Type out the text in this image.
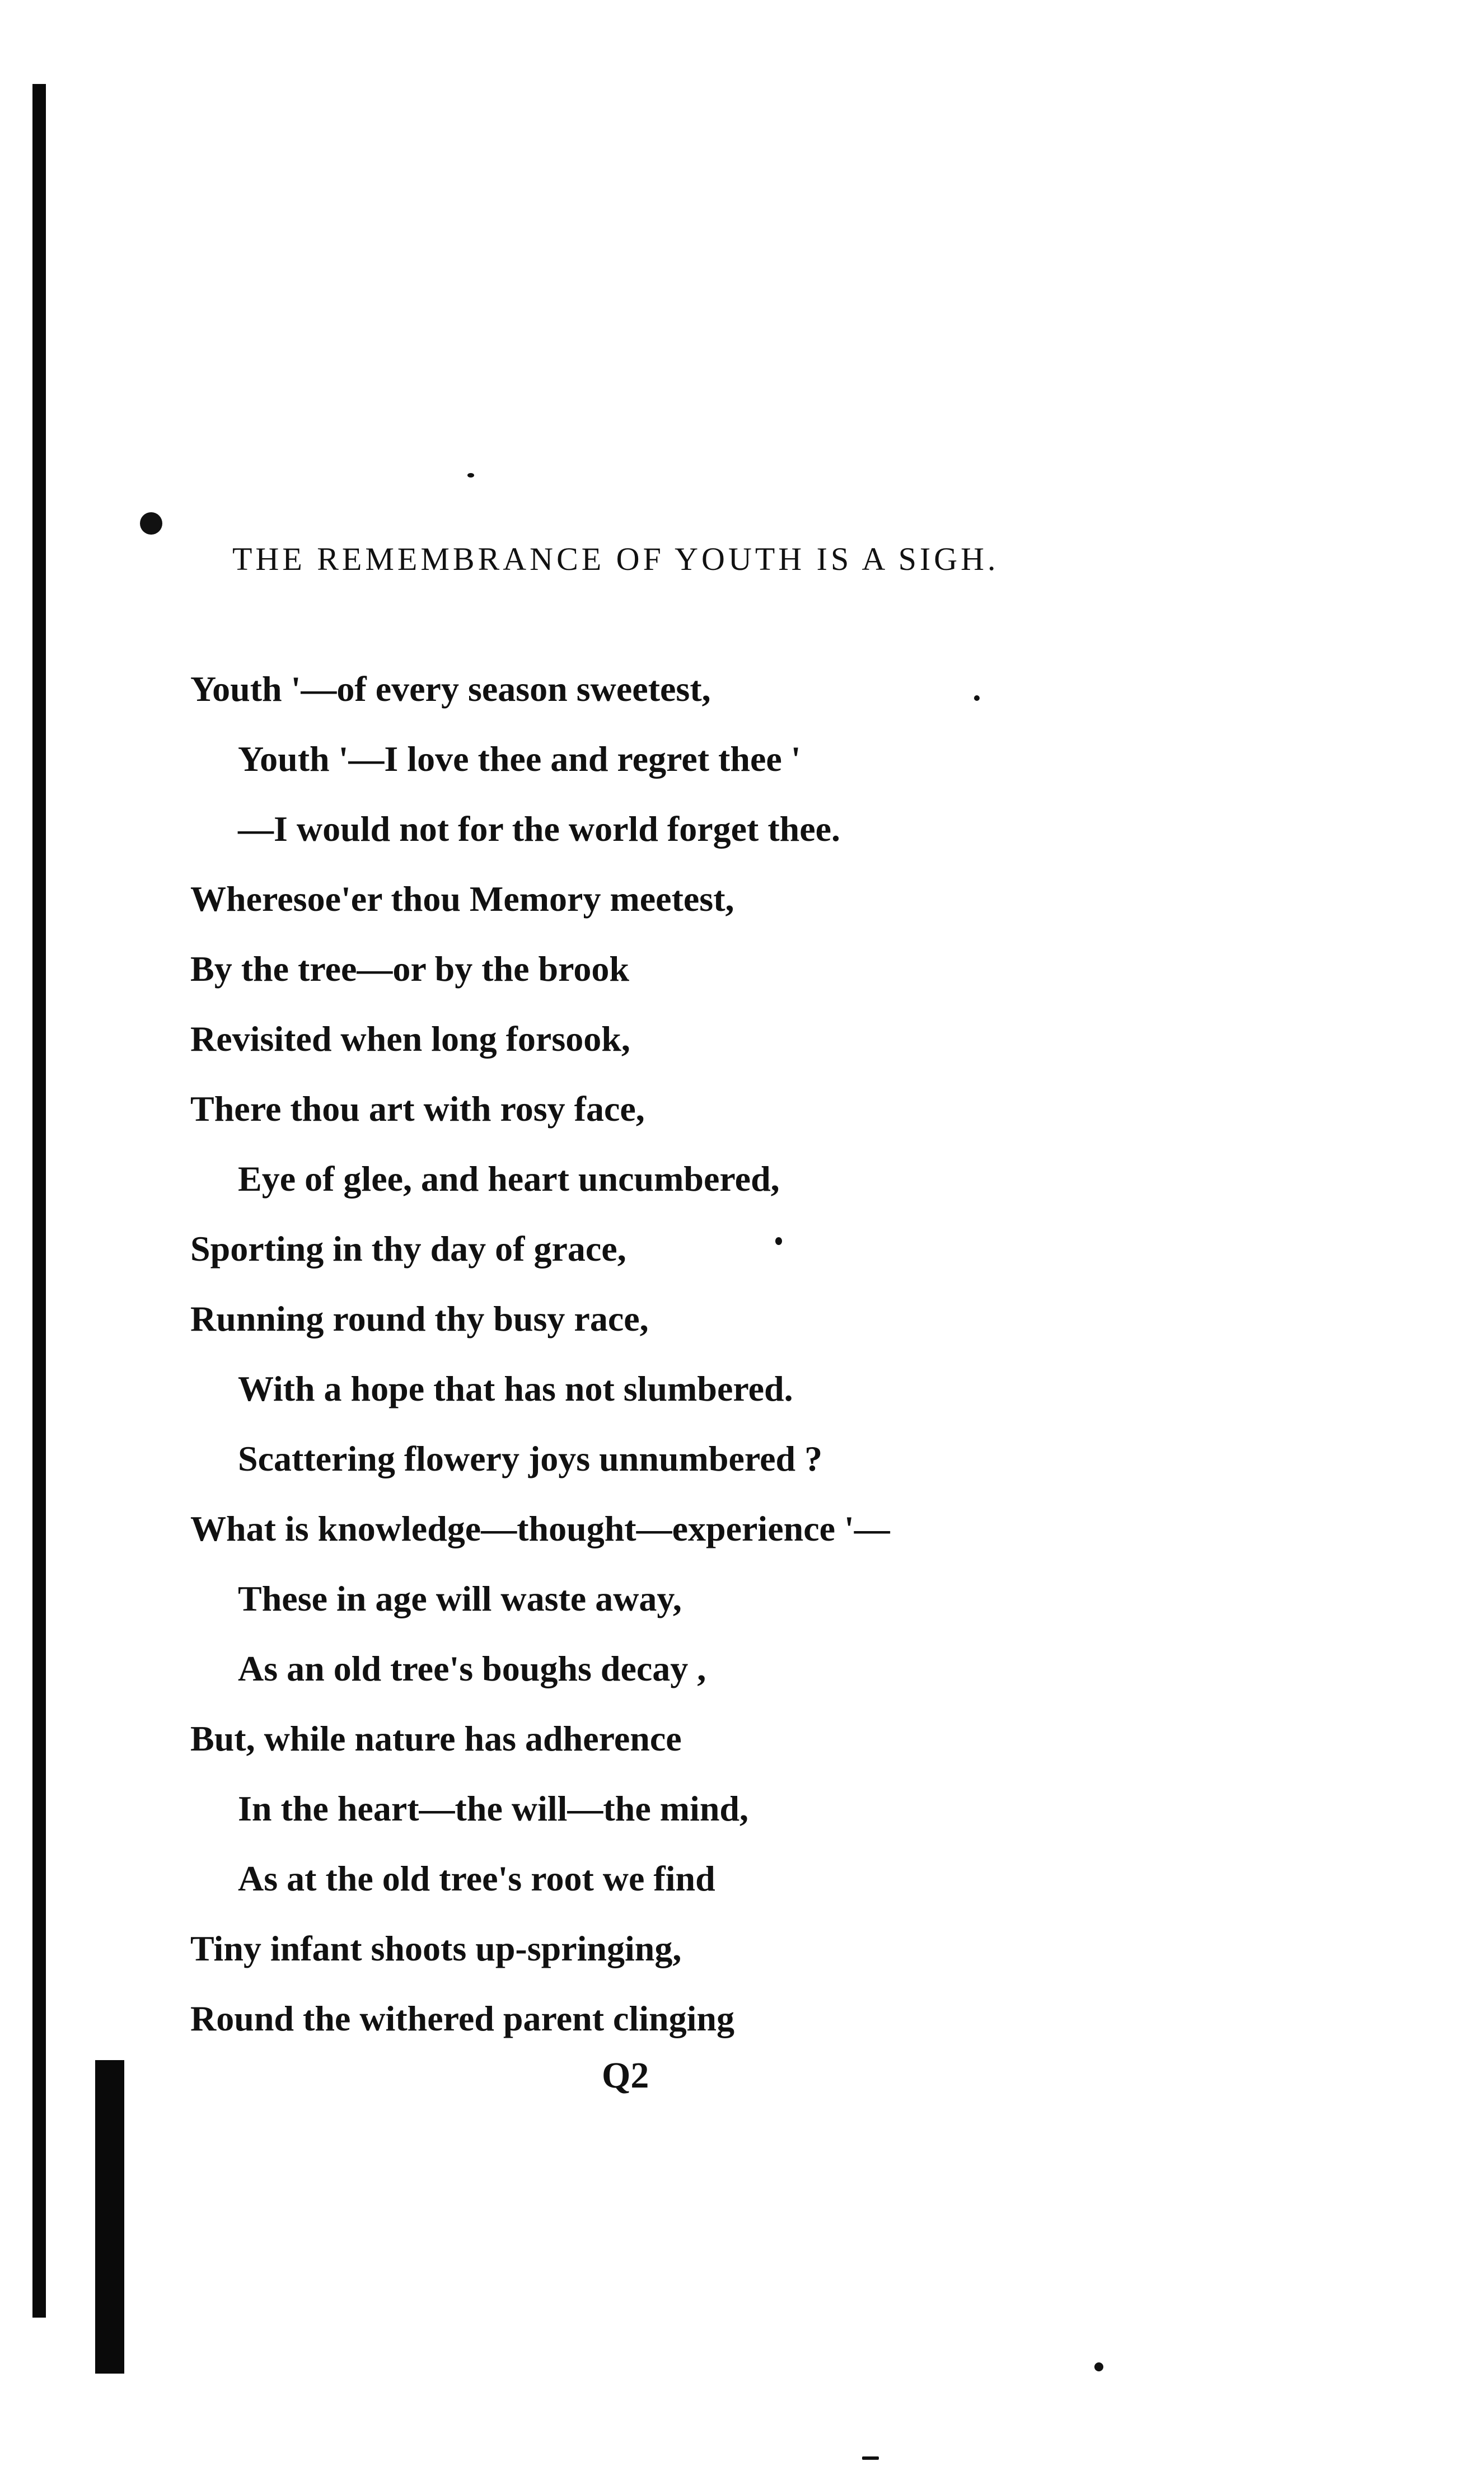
THE REMEMBRANCE OF YOUTH IS A SIGH.
Youth '—of every season sweetest,
Youth '—I love thee and regret thee '
—I would not for the world forget thee.
Wheresoe'er thou Memory meetest,
By the tree—or by the brook
Revisited when long forsook,
There thou art with rosy face,
Eye of glee, and heart uncumbered,
Sporting in thy day of grace,
Running round thy busy race,
With a hope that has not slumbered.
Scattering flowery joys unnumbered ?
What is knowledge—thought—experience '—
These in age will waste away,
As an old tree's boughs decay ,
But, while nature has adherence
In the heart—the will—the mind,
As at the old tree's root we find
Tiny infant shoots up-springing,
Round the withered parent clinging
Q2
